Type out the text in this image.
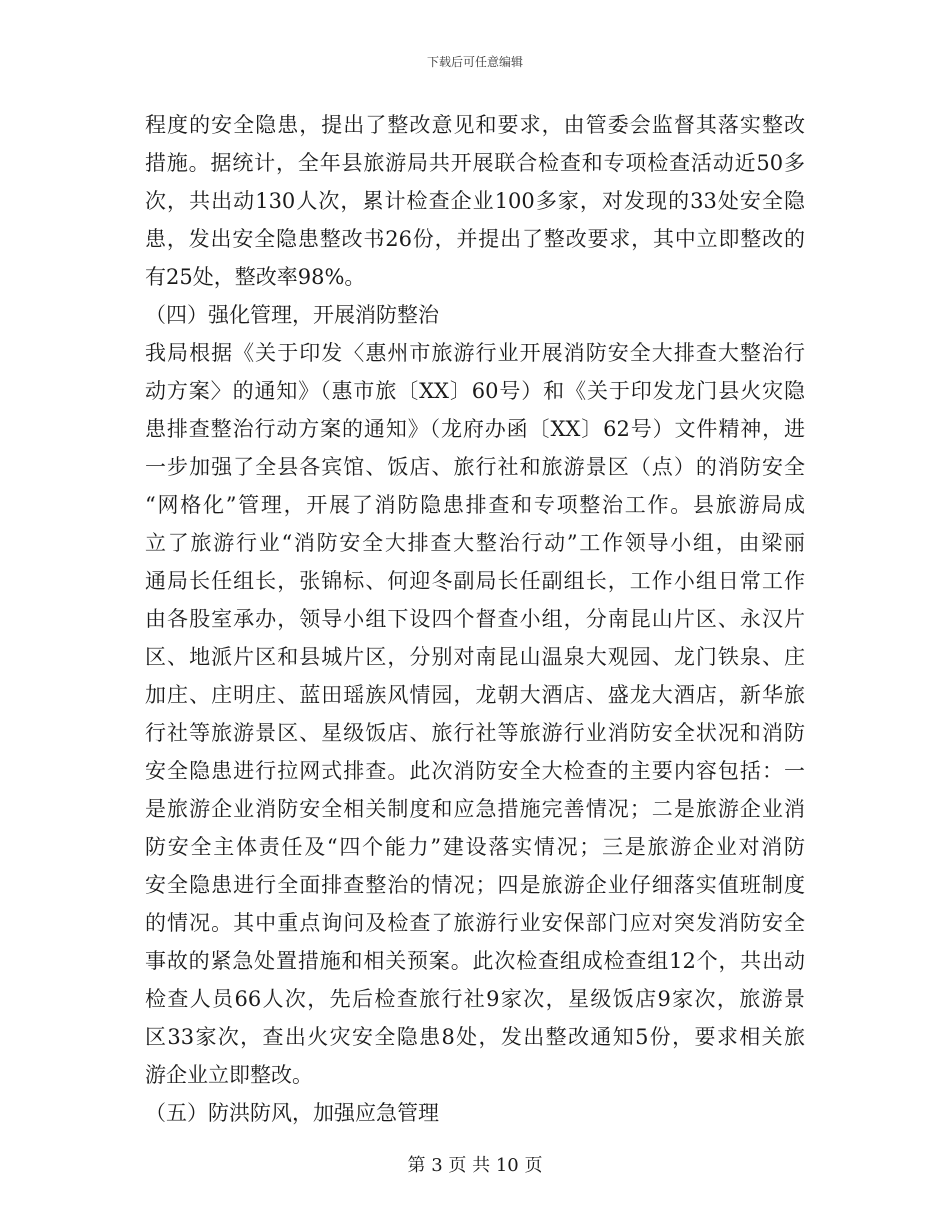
下载后可任意编辑
程度的安全隐患，提出了整改意见和要求，由管委会监督其落实整改
措施。据统计，全年县旅游局共开展联合检查和专项检查活动近50多
次，共出动130人次，累计检查企业100多家，对发现的33处安全隐
患，发出安全隐患整改书26份，并提出了整改要求，其中立即整改的
有25处，整改率98%。
（四）强化管理，开展消防整治
我局根据《关于印发〈惠州市旅游行业开展消防安全大排查大整治行
动方案〉的通知》（惠市旅〔XX〕60号）和《关于印发龙门县火灾隐
患排查整治行动方案的通知》（龙府办函〔XX〕62号）文件精神，进
一步加强了全县各宾馆、饭店、旅行社和旅游景区（点）的消防安全
“网格化”管理，开展了消防隐患排查和专项整治工作。县旅游局成
立了旅游行业“消防安全大排查大整治行动”工作领导小组，由梁丽
通局长任组长，张锦标、何迎冬副局长任副组长，工作小组日常工作
由各股室承办，领导小组下设四个督查小组，分南昆山片区、永汉片
区、地派片区和县城片区，分别对南昆山温泉大观园、龙门铁泉、庄
加庄、庄明庄、蓝田瑶族风情园，龙朝大酒店、盛龙大酒店，新华旅
行社等旅游景区、星级饭店、旅行社等旅游行业消防安全状况和消防
安全隐患进行拉网式排查。此次消防安全大检查的主要内容包括：一
是旅游企业消防安全相关制度和应急措施完善情况；二是旅游企业消
防安全主体责任及“四个能力”建设落实情况；三是旅游企业对消防
安全隐患进行全面排查整治的情况；四是旅游企业仔细落实值班制度
的情况。其中重点询问及检查了旅游行业安保部门应对突发消防安全
事故的紧急处置措施和相关预案。此次检查组成检查组12个，共出动
检查人员66人次，先后检查旅行社9家次，星级饭店9家次，旅游景
区33家次，查出火灾安全隐患8处，发出整改通知5份，要求相关旅
游企业立即整改。
（五）防洪防风，加强应急管理
第 3 页 共 10 页
